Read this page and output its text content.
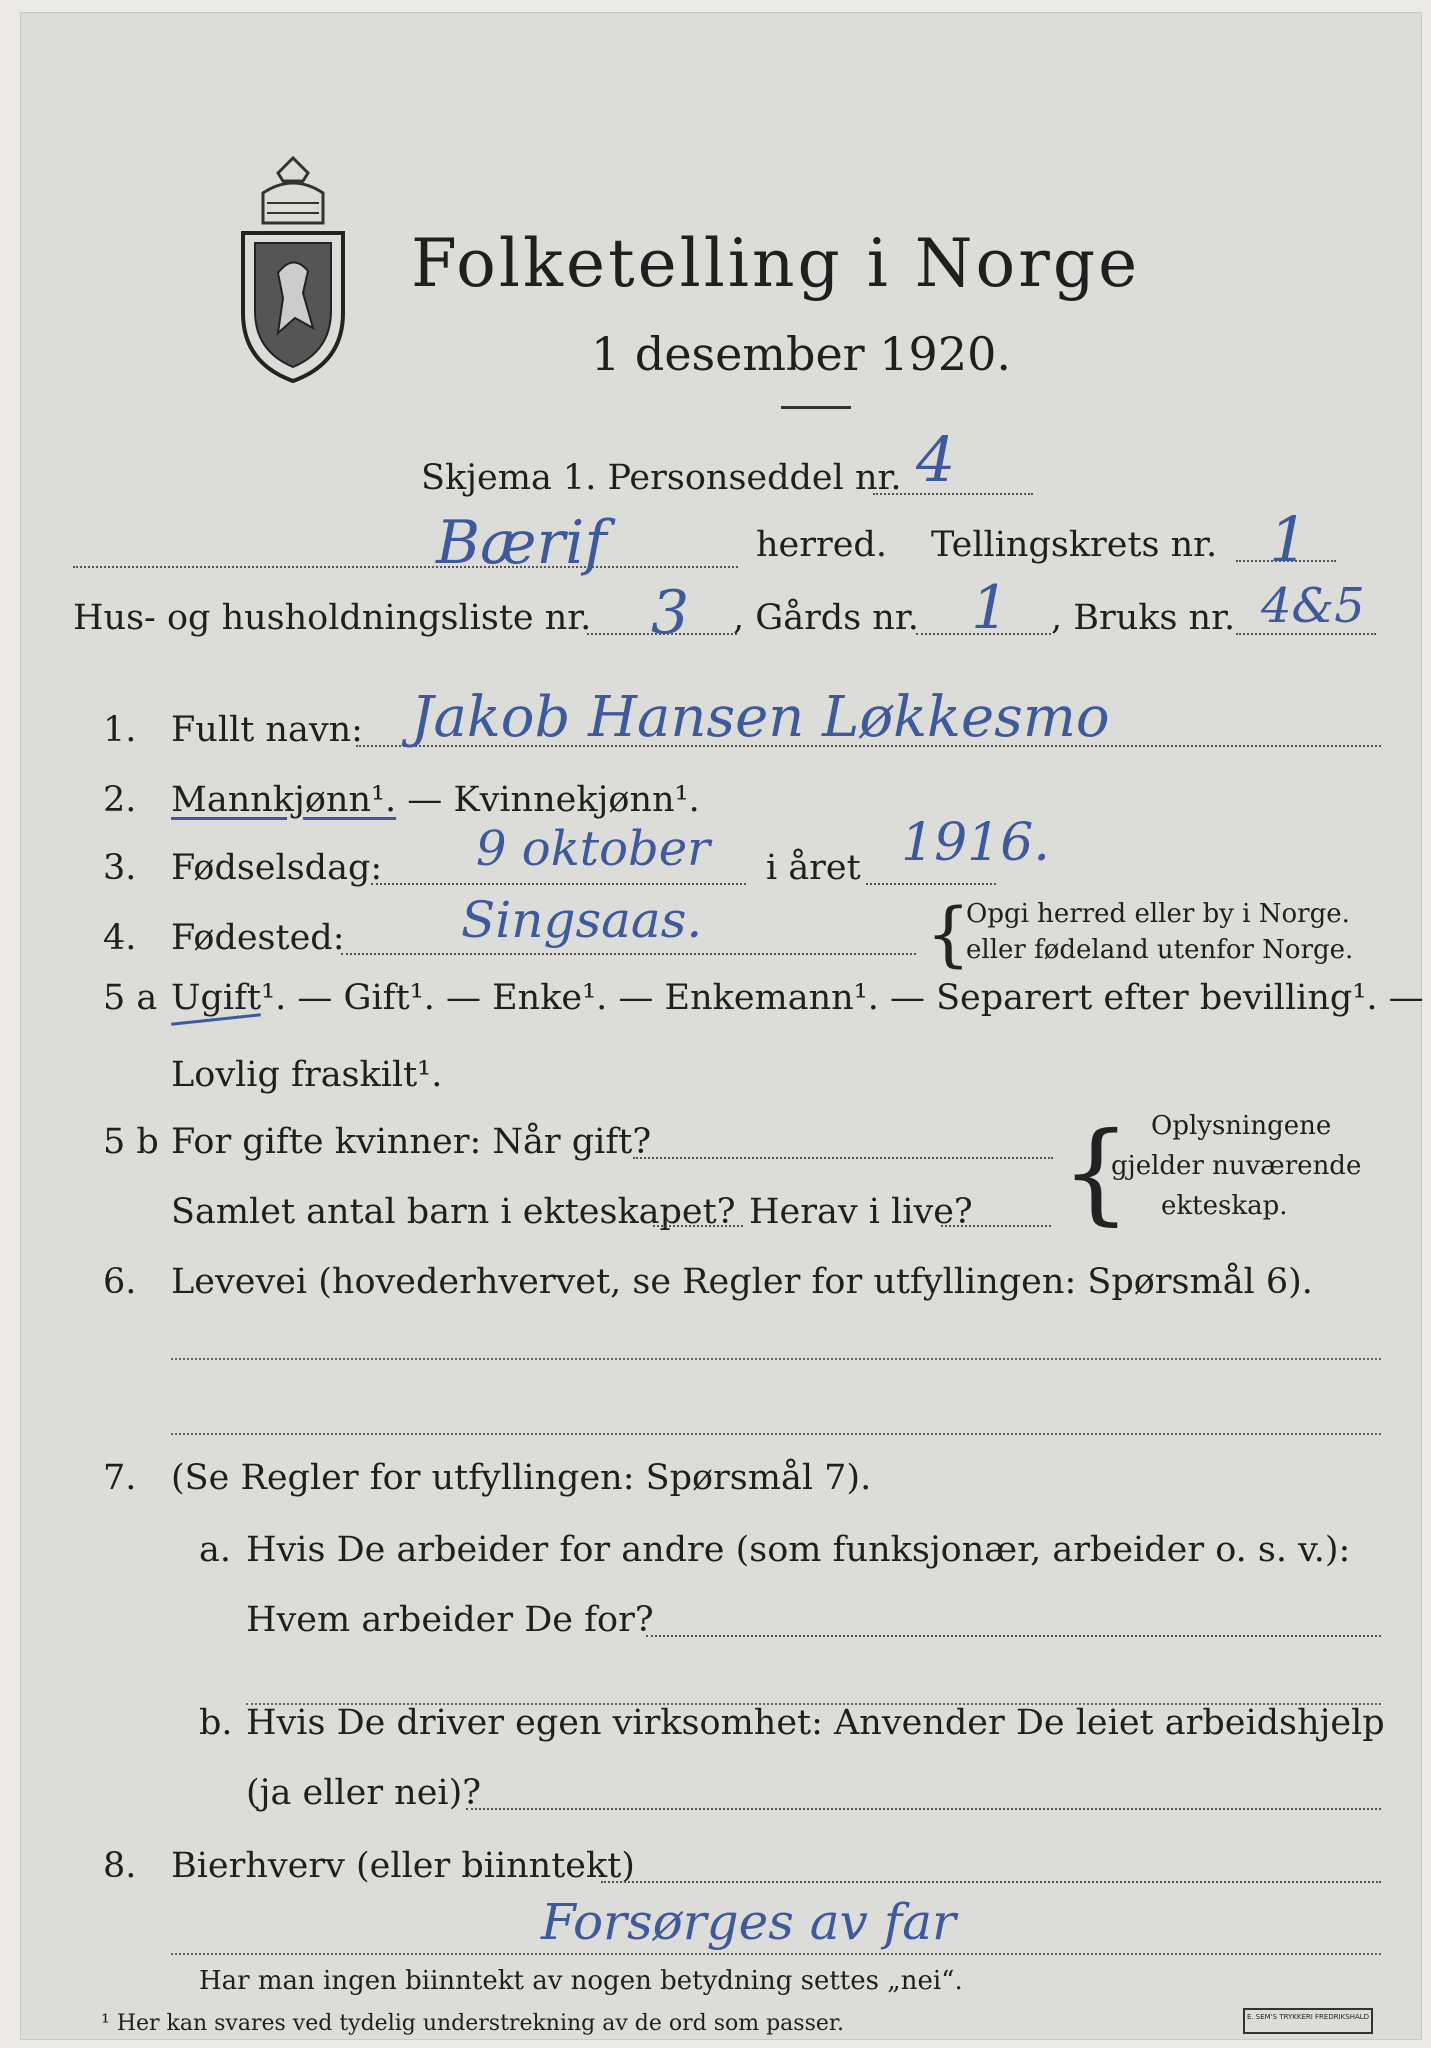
Folketelling i Norge
1 desember 1920.
Skjema 1. Personseddel nr. 4
Bærif	herred. Tellingskrets nr. 1
Hus- og husholdningsliste nr. 3 , Gårds nr. 1 , Bruks nr. 4&5
1. Fullt navn: Jakob Hansen Løkkesmo
2. Mannkjønn¹. — Kvinnekjønn¹.
3. Fødselsdag: 9 oktober i året 1916.
4. Fødested: Singsaas.	{
Opgi herred eller by i Norge.
eller fødeland utenfor Norge.
5 a Ugift¹. — Gift¹. — Enke¹. — Enkemann¹. — Separert efter bevilling¹. —
Lovlig fraskilt¹.
5 b For gifte kvinner: Når gift?
Samlet antal barn i ekteskapet? Herav i live? { Oplysningene
gjelder nuværende
ekteskap.
6. Levevei (hovederhvervet, se Regler for utfyllingen: Spørsmål 6).
7. (Se Regler for utfyllingen: Spørsmål 7).
a. Hvis De arbeider for andre (som funksjonær, arbeider o. s. v.):
Hvem arbeider De for?
b. Hvis De driver egen virksomhet: Anvender De leiet arbeidshjelp
(ja eller nei)?
8. Bierhverv (eller biinntekt)
Forsørges av far
Har man ingen biinntekt av nogen betydning settes „nei“.
¹ Her kan svares ved tydelig understrekning av de ord som passer.	E. SEM'S TRYKKERI FREDRIKSHALD
